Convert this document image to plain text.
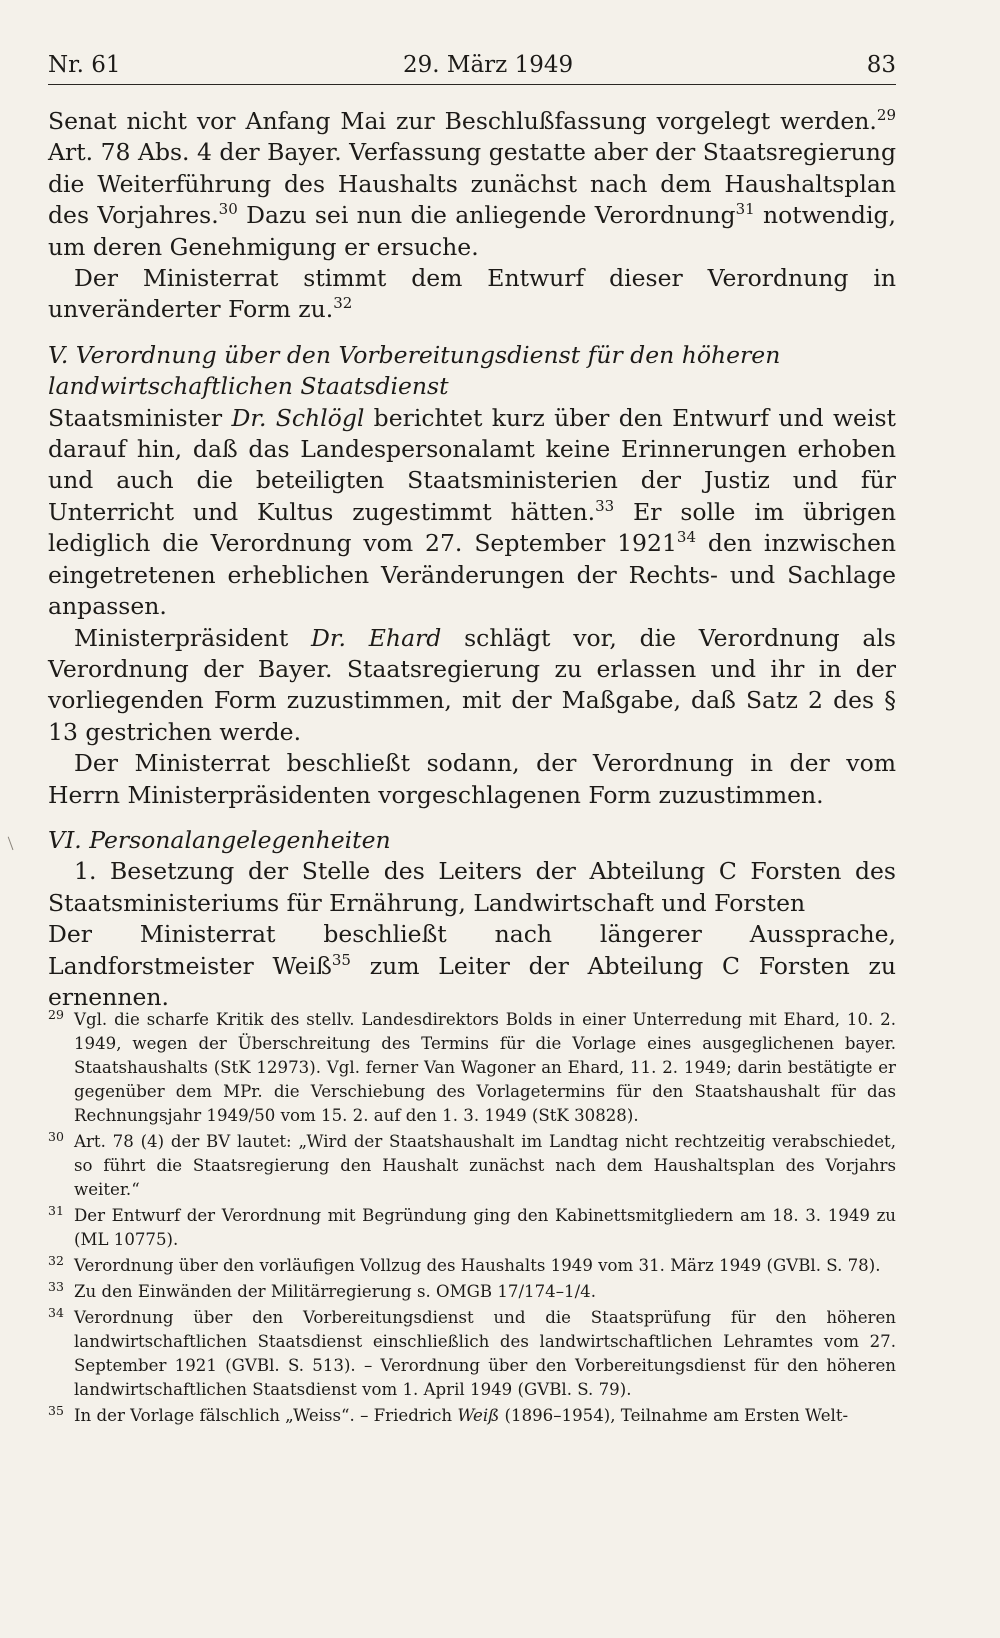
Nr. 61	29. März 1949	83

Senat nicht vor Anfang Mai zur Beschlußfassung vorgelegt werden.$^{29}$ Art. 78 Abs. 4 der Bayer. Verfassung gestatte aber der Staatsregierung die Weiterführung des Haushalts zunächst nach dem Haushaltsplan des Vorjahres.$^{30}$ Dazu sei nun die anliegende Verordnung$^{31}$ notwendig, um deren Genehmigung er ersuche.

Der Ministerrat stimmt dem Entwurf dieser Verordnung in unveränderter Form zu.$^{32}$

V. Verordnung über den Vorbereitungsdienst für den höheren landwirtschaftlichen Staatsdienst

Staatsminister Dr. Schlögl berichtet kurz über den Entwurf und weist darauf hin, daß das Landespersonalamt keine Erinnerungen erhoben und auch die beteiligten Staatsministerien der Justiz und für Unterricht und Kultus zugestimmt hätten.$^{33}$ Er solle im übrigen lediglich die Verordnung vom 27. September 1921$^{34}$ den inzwischen eingetretenen erheblichen Veränderungen der Rechts- und Sachlage anpassen.

Ministerpräsident Dr. Ehard schlägt vor, die Verordnung als Verordnung der Bayer. Staatsregierung zu erlassen und ihr in der vorliegenden Form zuzustimmen, mit der Maßgabe, daß Satz 2 des § 13 gestrichen werde.

Der Ministerrat beschließt sodann, der Verordnung in der vom Herrn Ministerpräsidenten vorgeschlagenen Form zuzustimmen.

VI. Personalangelegenheiten

1. Besetzung der Stelle des Leiters der Abteilung C Forsten des Staatsministeriums für Ernährung, Landwirtschaft und Forsten

Der Ministerrat beschließt nach längerer Aussprache, Landforstmeister Weiß$^{35}$ zum Leiter der Abteilung C Forsten zu ernennen.

29 Vgl. die scharfe Kritik des stellv. Landesdirektors Bolds in einer Unterredung mit Ehard, 10. 2. 1949, wegen der Überschreitung des Termins für die Vorlage eines ausgeglichenen bayer. Staatshaushalts (StK 12973). Vgl. ferner Van Wagoner an Ehard, 11. 2. 1949; darin bestätigte er gegenüber dem MPr. die Verschiebung des Vorlagetermins für den Staatshaushalt für das Rechnungsjahr 1949/50 vom 15. 2. auf den 1. 3. 1949 (StK 30828).

30 Art. 78 (4) der BV lautet: „Wird der Staatshaushalt im Landtag nicht rechtzeitig verabschiedet, so führt die Staatsregierung den Haushalt zunächst nach dem Haushaltsplan des Vorjahrs weiter.“

31 Der Entwurf der Verordnung mit Begründung ging den Kabinettsmitgliedern am 18. 3. 1949 zu (ML 10775).

32 Verordnung über den vorläufigen Vollzug des Haushalts 1949 vom 31. März 1949 (GVBl. S. 78).

33 Zu den Einwänden der Militärregierung s. OMGB 17/174–1/4.

34 Verordnung über den Vorbereitungsdienst und die Staatsprüfung für den höheren landwirtschaftlichen Staatsdienst einschließlich des landwirtschaftlichen Lehramtes vom 27. September 1921 (GVBl. S. 513). – Verordnung über den Vorbereitungsdienst für den höheren landwirtschaftlichen Staatsdienst vom 1. April 1949 (GVBl. S. 79).

35 In der Vorlage fälschlich „Weiss“. – Friedrich Weiß (1896–1954), Teilnahme am Ersten Welt-
